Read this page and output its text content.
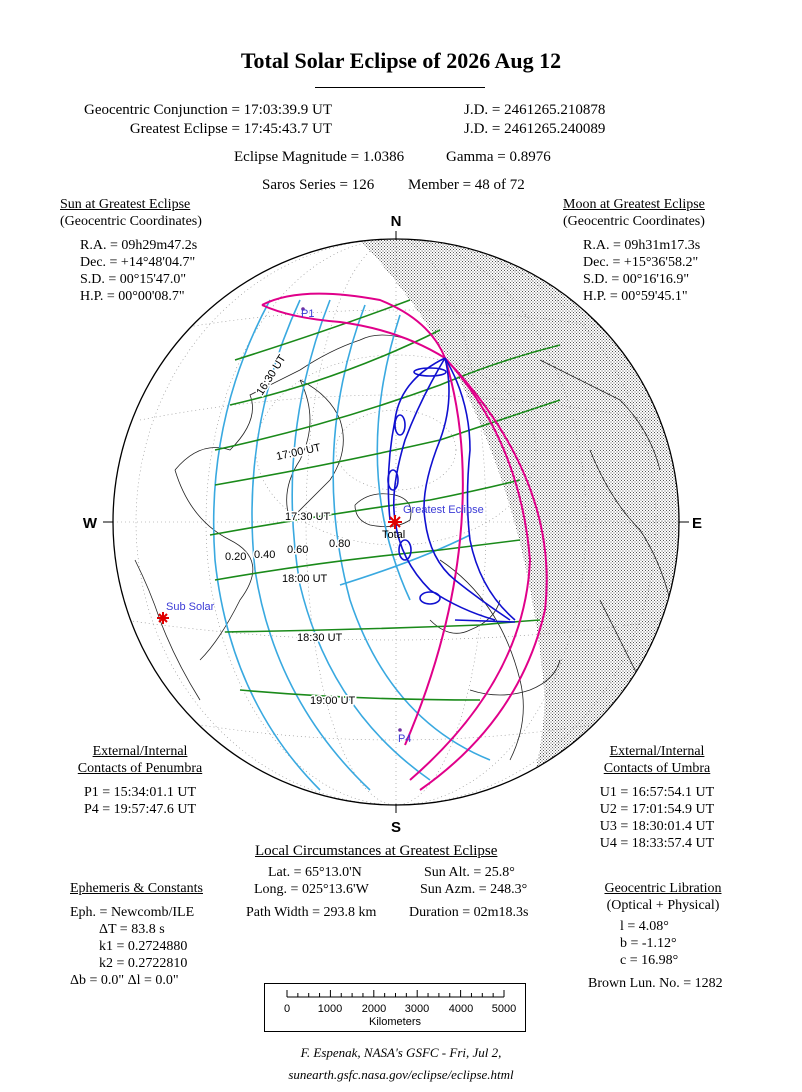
Total Solar Eclipse of 2026 Aug 12
Geocentric Conjunction = 17:03:39.9 UT	J.D. = 2461265.210878
Greatest Eclipse = 17:45:43.7 UT	J.D. = 2461265.240089
Eclipse Magnitude = 1.0386	Gamma = 0.8976
Saros Series = 126 Member = 48 of 72
Sun at Greatest Eclipse
(Geocentric Coordinates)
R.A. = 09h29m47.2s
Dec. = +14°48'04.7"
S.D. = 00°15'47.0"
H.P. = 00°00'08.7"
Moon at Greatest Eclipse
(Geocentric Coordinates)
R.A. = 09h31m17.3s
Dec. = +15°36'58.2"
S.D. = 00°16'16.9"
H.P. = 00°59'45.1"
N
S
W	E
P1
P4
Greatest Eclipse
Sub Solar
Total
16:30 UT
17:00 UT
17:30 UT
18:00 UT
18:30 UT
19:00 UT
0.20 0.40 0.60 0.80
External/Internal
Contacts of Penumbra
P1 = 15:34:01.1 UT
P4 = 19:57:47.6 UT
External/Internal
Contacts of Umbra
U1 = 16:57:54.1 UT
U2 = 17:01:54.9 UT
U3 = 18:30:01.4 UT
U4 = 18:33:57.4 UT
Local Circumstances at Greatest Eclipse
Lat. = 65°13.0'N	Sun Alt. = 25.8°
Long. = 025°13.6'W	Sun Azm. = 248.3°
Path Width = 293.8 km Duration = 02m18.3s
Ephemeris & Constants
Eph. = Newcomb/ILE
ΔT = 83.8 s
k1 = 0.2724880
k2 = 0.2722810
Δb = 0.0" Δl = 0.0"
Geocentric Libration
(Optical + Physical)
l = 4.08°
b = -1.12°
c = 16.98°
Brown Lun. No. = 1282
0	1000 2000 3000 4000 5000
Kilometers
F. Espenak, NASA's GSFC - Fri, Jul 2,
sunearth.gsfc.nasa.gov/eclipse/eclipse.html
